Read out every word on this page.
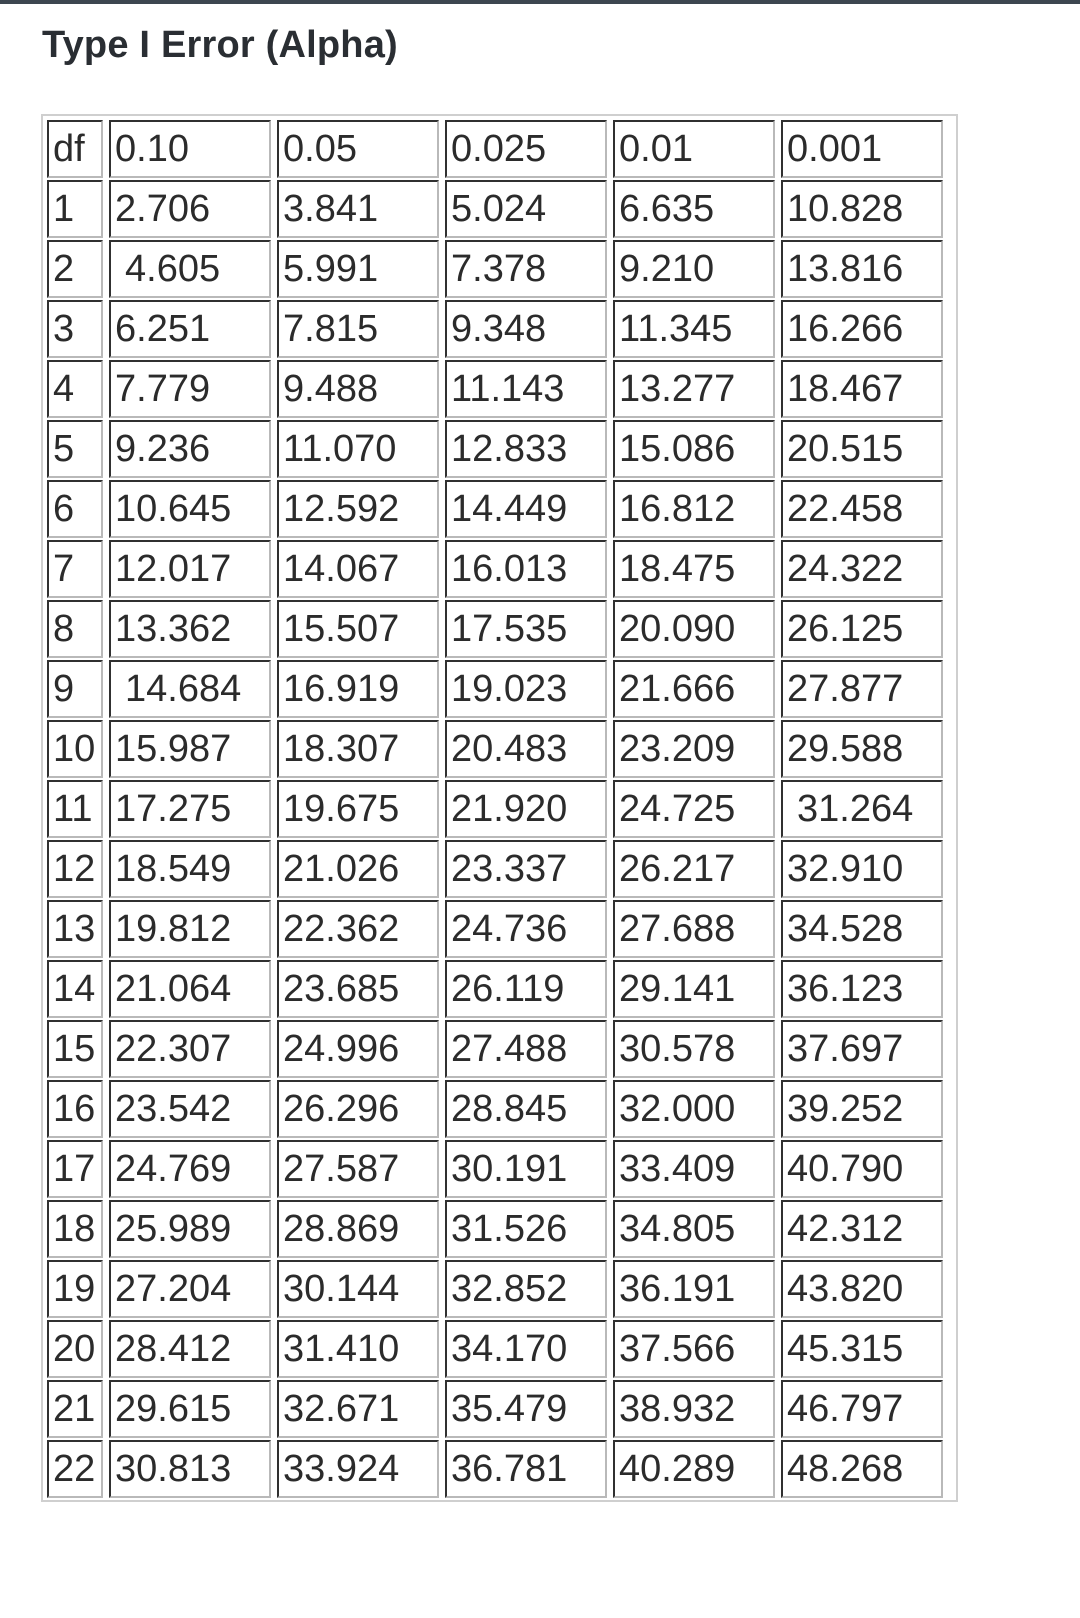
Type I Error (Alpha)
df	0.10	0.05	0.025	0.01	0.001
1	2.706	3.841	5.024	6.635	10.828
2	4.605	5.991	7.378	9.210	13.816
3	6.251	7.815	9.348	11.345	16.266
4	7.779	9.488	11.143	13.277	18.467
5	9.236	11.070	12.833	15.086	20.515
6	10.645	12.592	14.449	16.812	22.458
7	12.017	14.067	16.013	18.475	24.322
8	13.362	15.507	17.535	20.090	26.125
9	14.684	16.919	19.023	21.666	27.877
10	15.987	18.307	20.483	23.209	29.588
11	17.275	19.675	21.920	24.725	31.264
12	18.549	21.026	23.337	26.217	32.910
13	19.812	22.362	24.736	27.688	34.528
14	21.064	23.685	26.119	29.141	36.123
15	22.307	24.996	27.488	30.578	37.697
16	23.542	26.296	28.845	32.000	39.252
17	24.769	27.587	30.191	33.409	40.790
18	25.989	28.869	31.526	34.805	42.312
19	27.204	30.144	32.852	36.191	43.820
20	28.412	31.410	34.170	37.566	45.315
21	29.615	32.671	35.479	38.932	46.797
22	30.813	33.924	36.781	40.289	48.268
